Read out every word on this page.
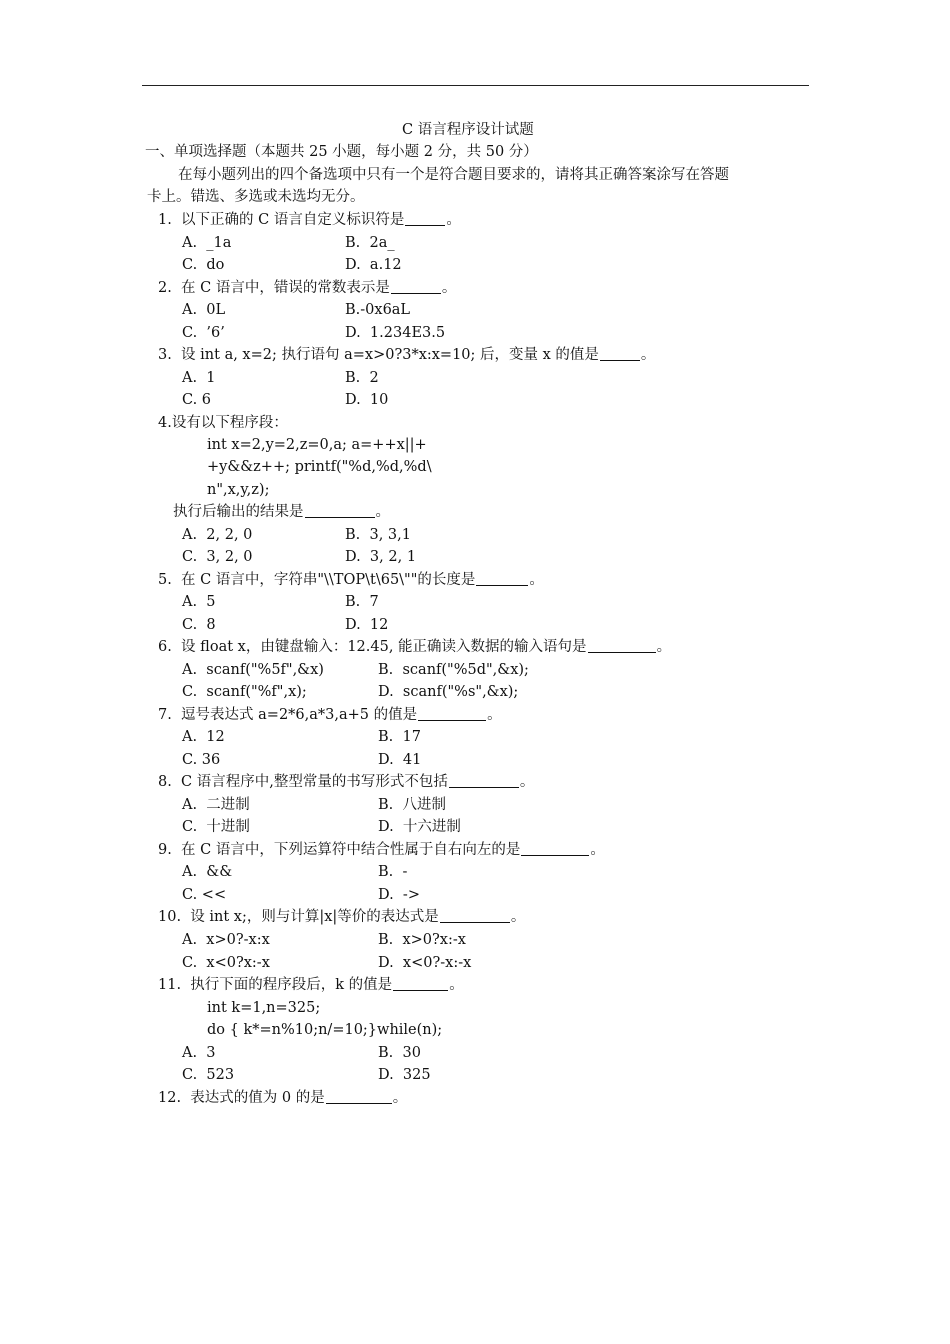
C 语言程序设计试题
一、单项选择题（本题共 25 小题，每小题 2 分，共 50 分）
在每小题列出的四个备选项中只有一个是符合题目要求的，请将其正确答案涂写在答题
卡上。错选、多选或未选均无分。
1.  以下正确的 C 语言自定义标识符是	。
A.  _1a	B.  2a_
C.  do	D.  a.12
2.  在 C 语言中，错误的常数表示是	。
A.  0L	B.-0x6aL
C.  ’6’	D.  1.234E3.5
3.  设 int a, x=2; 执行语句 a=x>0?3*x:x=10; 后，变量 x 的值是	。
A.  1	B.  2
C. 6	D.  10
4.设有以下程序段：
int x=2,y=2,z=0,a; a=++x||+
+y&&z++; printf("%d,%d,%d\
n",x,y,z);
执行后输出的结果是	。
A.  2, 2, 0	B.  3, 3,1
C.  3, 2, 0	D.  3, 2, 1
5.  在 C 语言中，字符串"\\TOP\t\65\""的长度是	。
A.  5	B.  7
C.  8	D.  12
6.  设 float x，由键盘输入：12.45, 能正确读入数据的输入语句是	。
A.  scanf("%5f",&x)	B.  scanf("%5d",&x);
C.  scanf("%f",x);	D.  scanf("%s",&x);
7.  逗号表达式 a=2*6,a*3,a+5 的值是	。
A.  12	B.  17
C. 36	D.  41
8.  C 语言程序中,整型常量的书写形式不包括	。
A.  二进制	B.  八进制
C.  十进制	D.  十六进制
9.  在 C 语言中，下列运算符中结合性属于自右向左的是	。
A.  &&	B.  -
C. <<	D.  ->
10.  设 int x;，则与计算|x|等价的表达式是	。
A.  x>0?-x:x	B.  x>0?x:-x
C.  x<0?x:-x	D.  x<0?-x:-x
11.  执行下面的程序段后，k 的值是	。
int k=1,n=325;
do { k*=n%10;n/=10;}while(n);
A.  3	B.  30
C.  523	D.  325
12.  表达式的值为 0 的是	。
